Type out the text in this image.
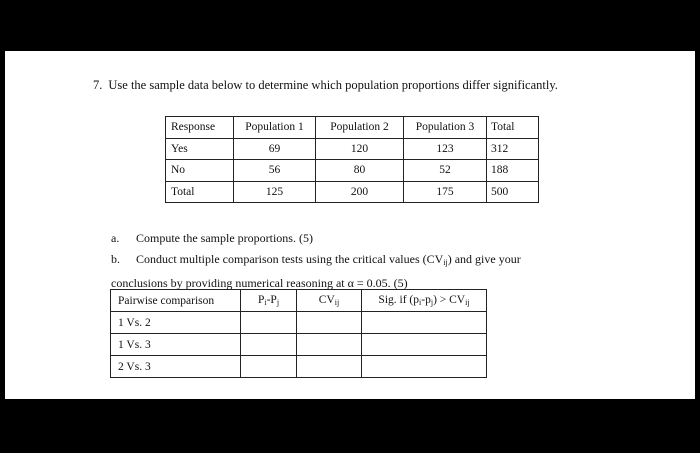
7. Use the sample data below to determine which population proportions differ significantly.
Response	Population 1	Population 2	Population 3	Total
Yes	69	120	123	312
No	56	80	52	188
Total	125	200	175	500
a.	Compute the sample proportions. (5)
b.	Conduct multiple comparison tests using the critical values $(CV_{ij})$ and give your
conclusions by providing numerical reasoning at α = 0.05. (5)
Pairwise comparison	$P_i-P_j$	$CV_{ij}$	Sig. if $(p_i-p_j) > CV_{ij}$
1 Vs. 2			
1 Vs. 3			
2 Vs. 3			
